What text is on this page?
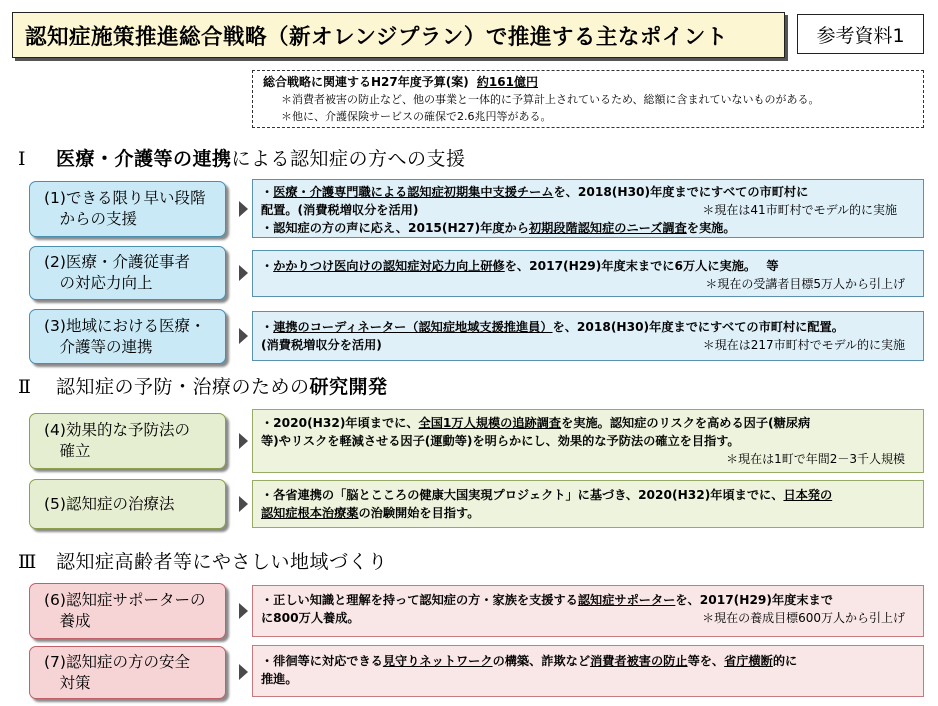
認知症施策推進総合戦略（新オレンジプラン）で推進する主なポイント	参考資料1
総合戦略に関連するH27年度予算(案) 約161億円
＊消費者被害の防止など、他の事業と一体的に予算計上されているため、総額に含まれていないものがある。
＊他に、介護保険サービスの確保で2.6兆円等がある。
Ⅰ 医療・介護等の連携による認知症の方への支援
(1)できる限り早い段階
　からの支援
・医療・介護専門職による認知症初期集中支援チームを、2018(H30)年度までにすべての市町村に
配置。(消費税増収分を活用)	＊現在は41市町村でモデル的に実施
・認知症の方の声に応え、2015(H27)年度から初期段階認知症のニーズ調査を実施。
(2)医療・介護従事者
　の対応力向上
・かかりつけ医向けの認知症対応力向上研修を、2017(H29)年度末までに6万人に実施。　 等
＊現在の受講者目標5万人から引上げ
(3)地域における医療・
　介護等の連携
・連携のコーディネーター（認知症地域支援推進員）を、2018(H30)年度までにすべての市町村に配置。
(消費税増収分を活用)	＊現在は217市町村でモデル的に実施
Ⅱ 認知症の予防・治療のための研究開発
(4)効果的な予防法の
　確立
・2020(H32)年頃までに、全国1万人規模の追跡調査を実施。認知症のリスクを高める因子(糖尿病
等)やリスクを軽減させる因子(運動等)を明らかにし、効果的な予防法の確立を目指す。
＊現在は1町で年間2－3千人規模
(5)認知症の治療法	・各省連携の「脳とこころの健康大国実現プロジェクト」に基づき、2020(H32)年頃までに、日本発の
認知症根本治療薬の治験開始を目指す。
Ⅲ 認知症高齢者等にやさしい地域づくり
(6)認知症サポーターの
　養成
・正しい知識と理解を持って認知症の方・家族を支援する認知症サポーターを、2017(H29)年度末まで
に800万人養成。	＊現在の養成目標600万人から引上げ
(7)認知症の方の安全
　対策
・徘徊等に対応できる見守りネットワークの構築、詐欺など消費者被害の防止等を、省庁横断的に
推進。
